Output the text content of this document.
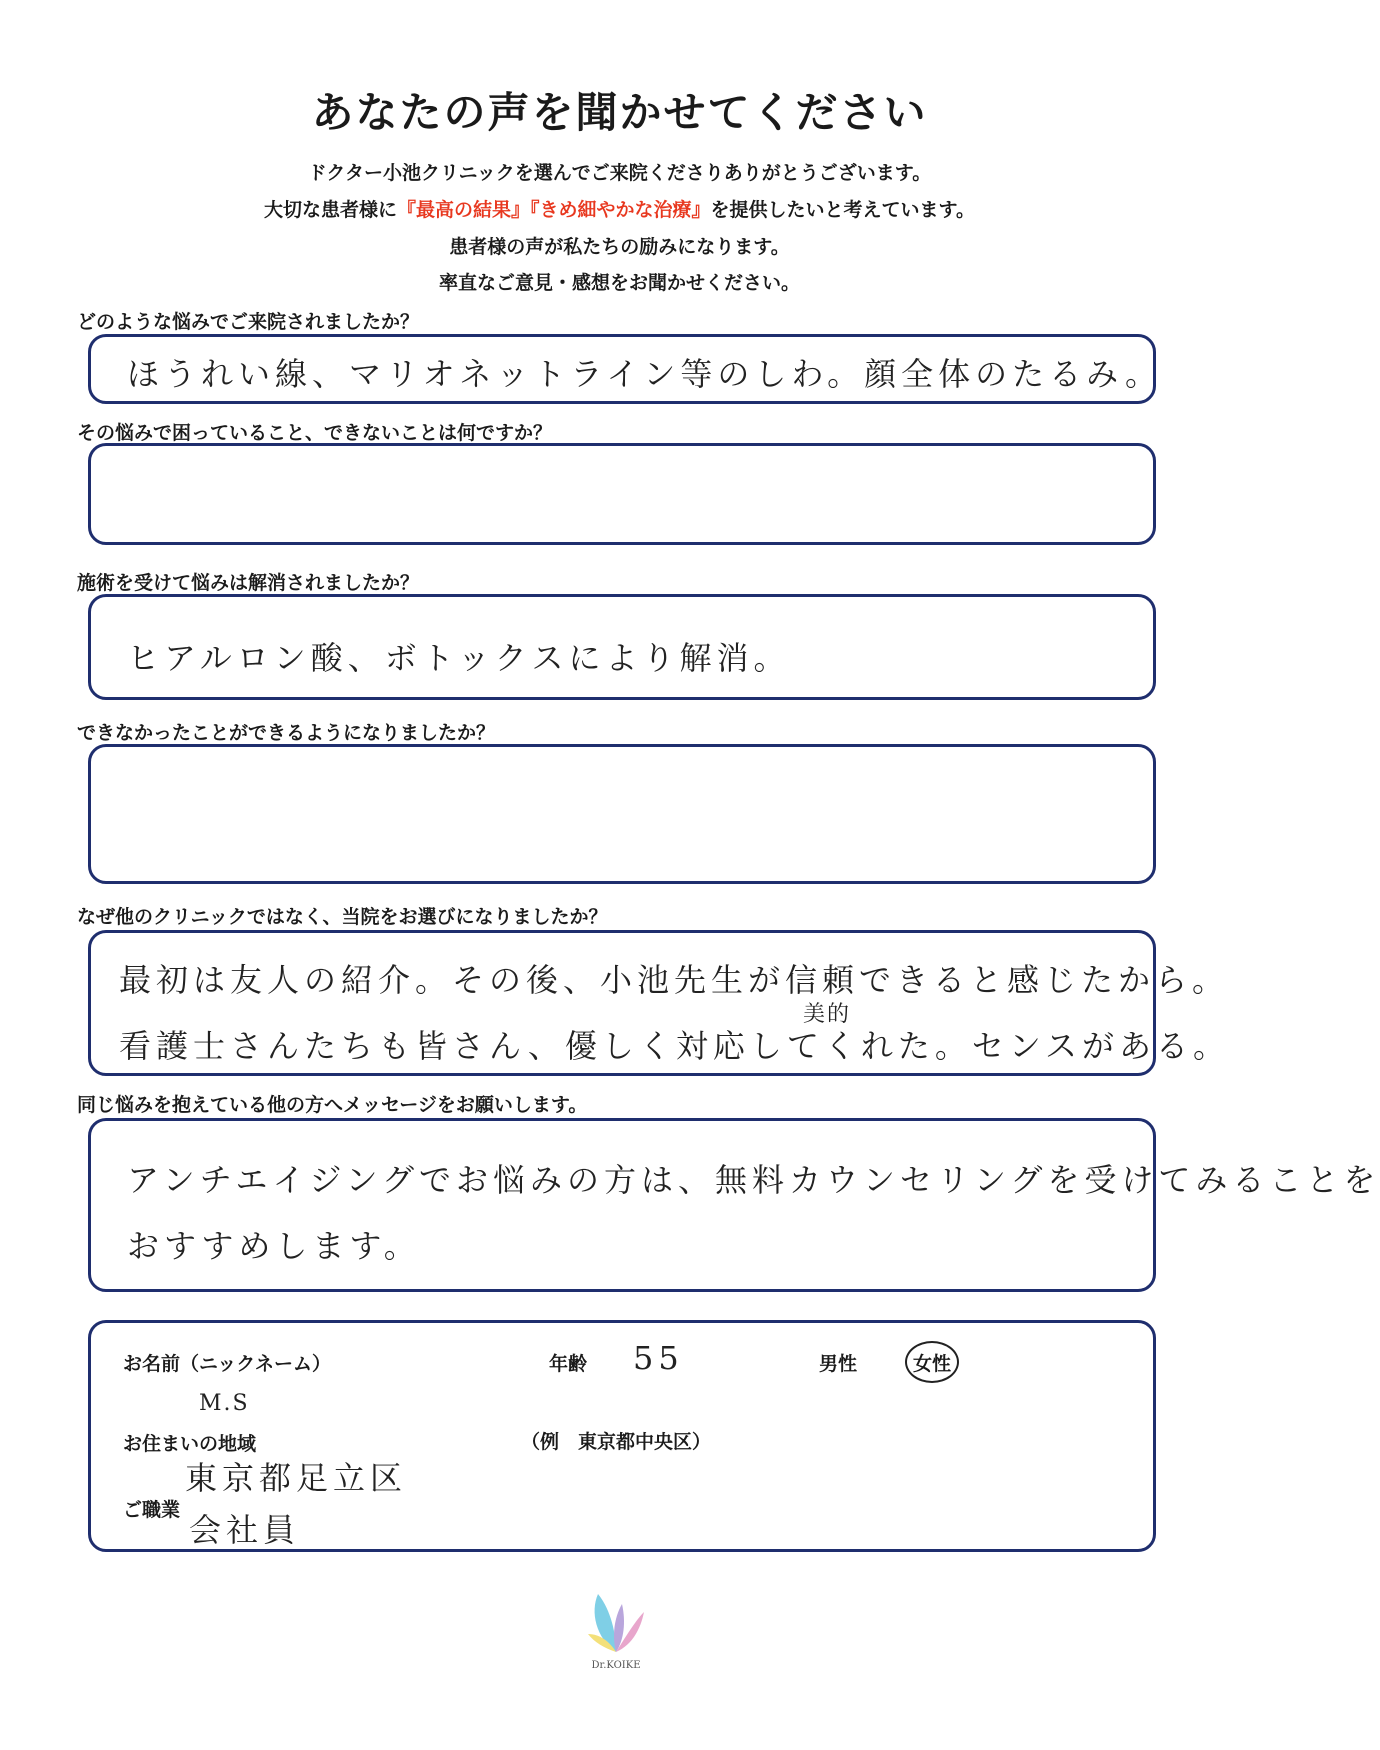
あなたの声を聞かせてください
ドクター小池クリニックを選んでご来院くださりありがとうございます。
大切な患者様に『最高の結果』『きめ細やかな治療』を提供したいと考えています。
患者様の声が私たちの励みになります。
率直なご意見・感想をお聞かせください。
どのような悩みでご来院されましたか？
ほうれい線、マリオネットライン等のしわ。顔全体のたるみ。
その悩みで困っていること、できないことは何ですか？
施術を受けて悩みは解消されましたか？
ヒアルロン酸、ボトックスにより解消。
できなかったことができるようになりましたか？
なぜ他のクリニックではなく、当院をお選びになりましたか？
最初は友人の紹介。その後、小池先生が信頼できると感じたから。
美的
看護士さんたちも皆さん、優しく対応してくれた。センスがある。
同じ悩みを抱えている他の方へメッセージをお願いします。
アンチエイジングでお悩みの方は、無料カウンセリングを受けてみることを
おすすめします。
お名前（ニックネーム）
M.S
年齢 55	男性	女性
お住まいの地域	（例　東京都中央区）
東京都足立区
ご職業
会社員
Dr.KOIKE
